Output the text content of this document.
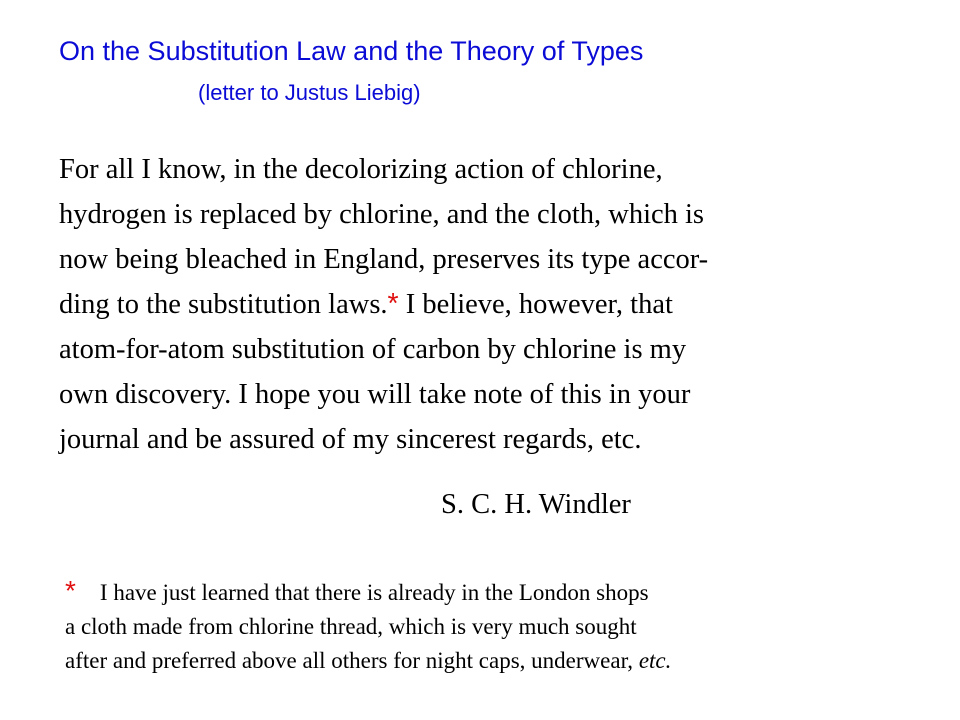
On the Substitution Law and the Theory of Types
(letter to Justus Liebig)
For all I know, in the decolorizing action of chlorine,
hydrogen is replaced by chlorine, and the cloth, which is
now being bleached in England, preserves its type accor-
ding to the substitution laws.* I believe, however, that
atom-for-atom substitution of carbon by chlorine is my
own discovery. I hope you will take note of this in your
journal and be assured of my sincerest regards, etc.
S. C. H. Windler
* I have just learned that there is already in the London shops
a cloth made from chlorine thread, which is very much sought
after and preferred above all others for night caps, underwear, etc.
